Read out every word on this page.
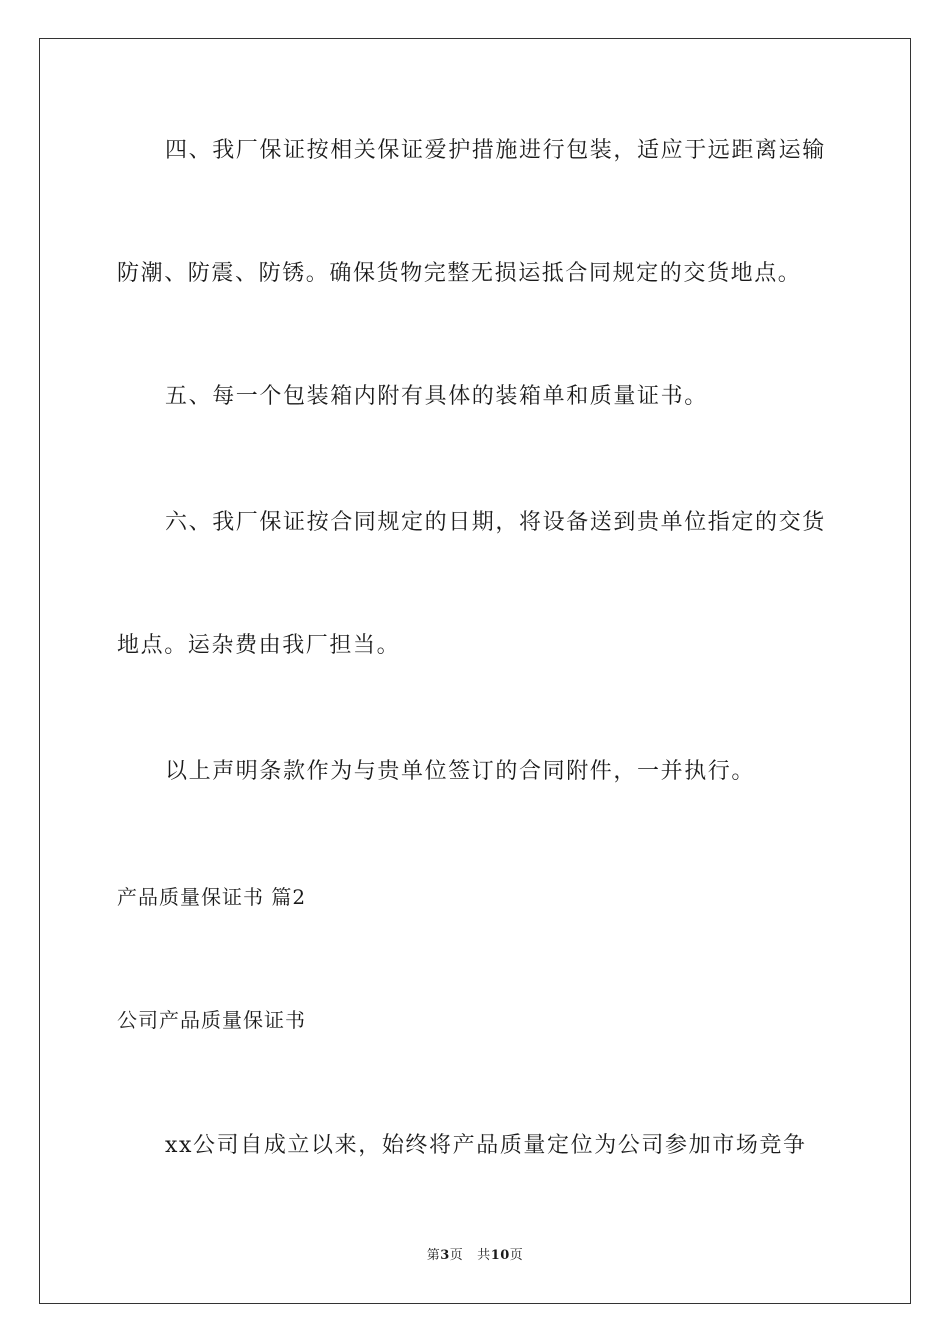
四、我厂保证按相关保证爱护措施进行包装，适应于远距离运输
防潮、防震、防锈。确保货物完整无损运抵合同规定的交货地点。
五、每一个包装箱内附有具体的装箱单和质量证书。
六、我厂保证按合同规定的日期，将设备送到贵单位指定的交货
地点。运杂费由我厂担当。
以上声明条款作为与贵单位签订的合同附件，一并执行。
产品质量保证书 篇2
公司产品质量保证书
xx公司自成立以来，始终将产品质量定位为公司参加市场竞争
第3页 共10页
